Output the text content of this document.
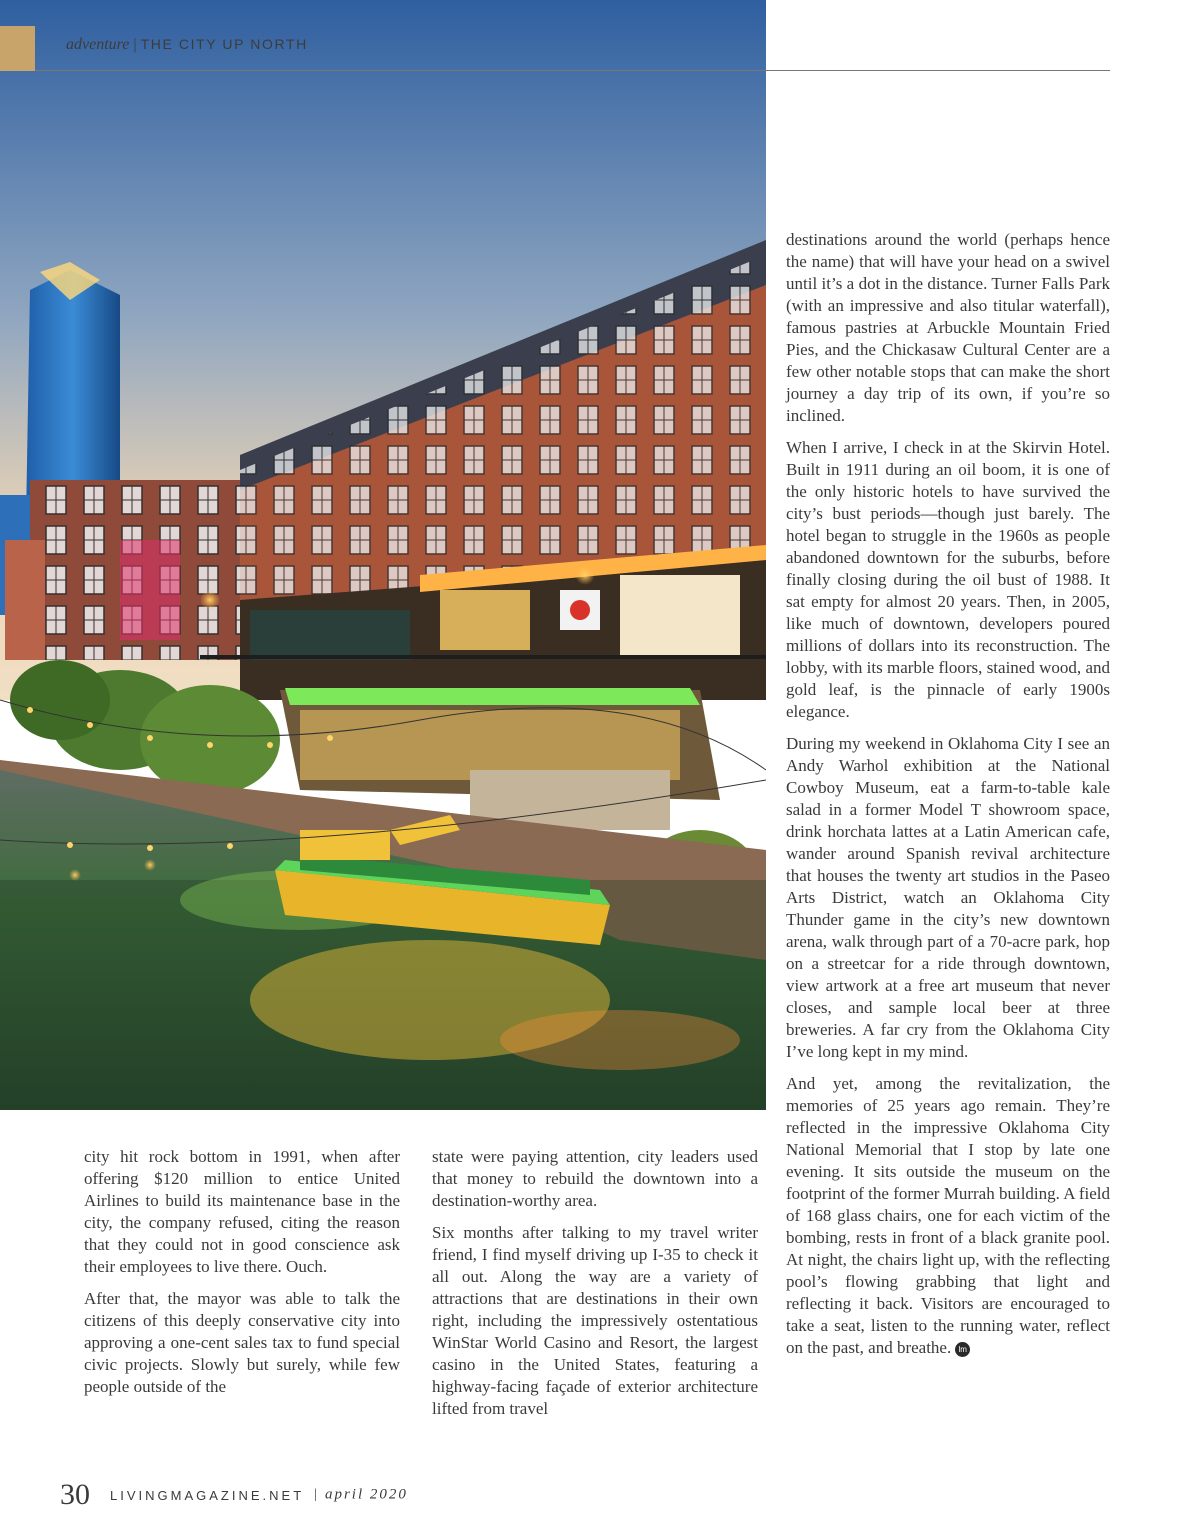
adventure | THE CITY UP NORTH

destinations around the world (perhaps hence the name) that will have your head on a swivel until it’s a dot in the distance. Turner Falls Park (with an impressive and also titular waterfall), famous pastries at Arbuckle Mountain Fried Pies, and the Chickasaw Cultural Center are a few other notable stops that can make the short journey a day trip of its own, if you’re so inclined.

When I arrive, I check in at the Skirvin Hotel. Built in 1911 during an oil boom, it is one of the only historic hotels to have survived the city’s bust periods—though just barely. The hotel began to struggle in the 1960s as people abandoned downtown for the suburbs, before finally closing during the oil bust of 1988. It sat empty for almost 20 years. Then, in 2005, like much of downtown, developers poured millions of dollars into its reconstruction. The lobby, with its marble floors, stained wood, and gold leaf, is the pinnacle of early 1900s elegance.

During my weekend in Oklahoma City I see an Andy Warhol exhibition at the National Cowboy Museum, eat a farm-to-table kale salad in a former Model T showroom space, drink horchata lattes at a Latin American cafe, wander around Spanish revival architecture that houses the twenty art studios in the Paseo Arts District, watch an Oklahoma City Thunder game in the city’s new downtown arena, walk through part of a 70-acre park, hop on a streetcar for a ride through downtown, view artwork at a free art museum that never closes, and sample local beer at three breweries. A far cry from the Oklahoma City I’ve long kept in my mind.

And yet, among the revitalization, the memories of 25 years ago remain. They’re reflected in the impressive Oklahoma City National Memorial that I stop by late one evening. It sits outside the museum on the footprint of the former Murrah building. A field of 168 glass chairs, one for each victim of the bombing, rests in front of a black granite pool. At night, the chairs light up, with the reflecting pool’s flowing grabbing that light and reflecting it back. Visitors are encouraged to take a seat, listen to the running water, reflect on the past, and breathe. lm

city hit rock bottom in 1991, when after offering $120 million to entice United Airlines to build its maintenance base in the city, the company refused, citing the reason that they could not in good conscience ask their employees to live there. Ouch.

After that, the mayor was able to talk the citizens of this deeply conservative city into approving a one-cent sales tax to fund special civic projects. Slowly but surely, while few people outside of the

state were paying attention, city leaders used that money to rebuild the downtown into a destination-worthy area.

Six months after talking to my travel writer friend, I find myself driving up I-35 to check it all out. Along the way are a variety of attractions that are destinations in their own right, including the impressively ostentatious WinStar World Casino and Resort, the largest casino in the United States, featuring a highway-facing façade of exterior architecture lifted from travel

30 LIVINGMAGAZINE.NET | april 2020
